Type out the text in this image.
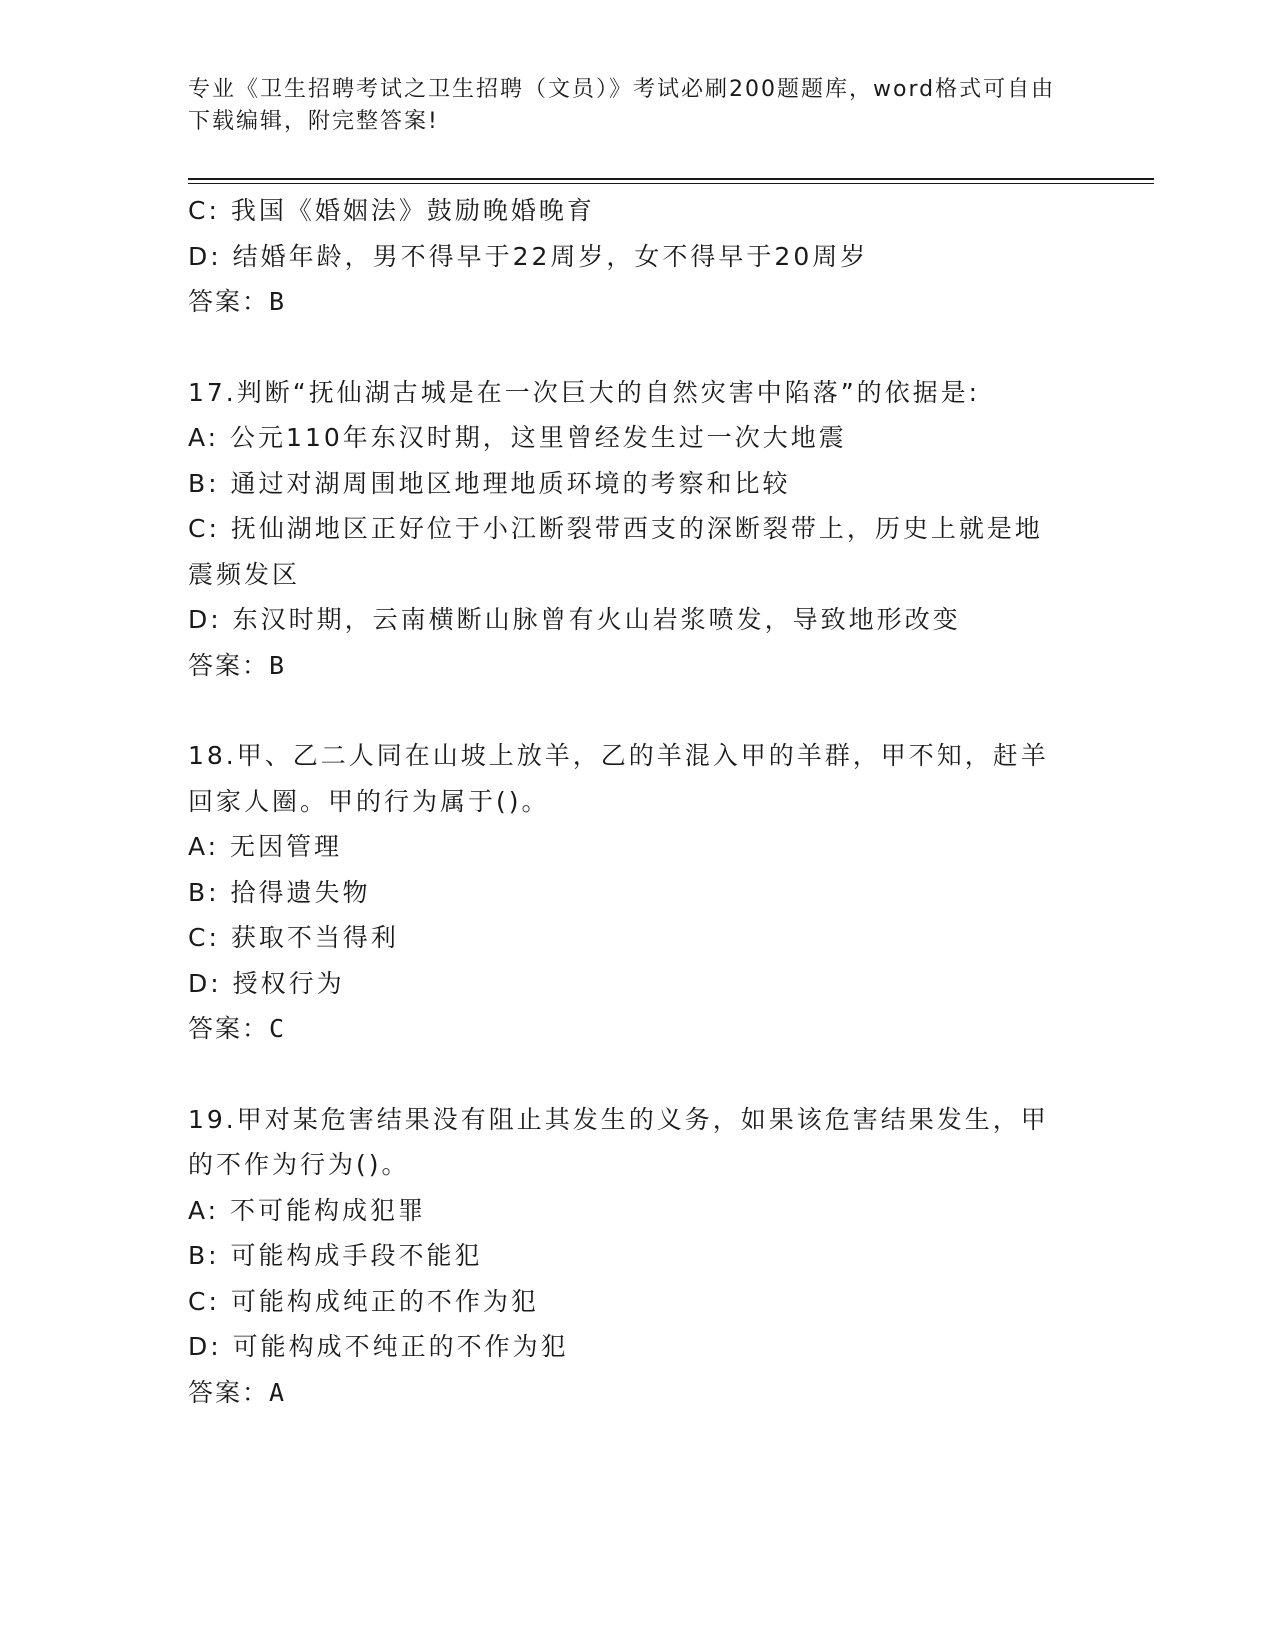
专业《卫生招聘考试之卫生招聘（文员）》考试必刷200题题库，word格式可自由下载编辑，附完整答案!

C: 我国《婚姻法》鼓励晚婚晚育

D: 结婚年龄，男不得早于22周岁，女不得早于20周岁

答案：B

17.判断“抚仙湖古城是在一次巨大的自然灾害中陷落”的依据是:

A: 公元110年东汉时期，这里曾经发生过一次大地震

B: 通过对湖周围地区地理地质环境的考察和比较

C: 抚仙湖地区正好位于小江断裂带西支的深断裂带上，历史上就是地震频发区

D: 东汉时期，云南横断山脉曾有火山岩浆喷发，导致地形改变

答案：B

18.甲、乙二人同在山坡上放羊，乙的羊混入甲的羊群，甲不知，赶羊回家人圈。甲的行为属于()。

A: 无因管理

B: 拾得遗失物

C: 获取不当得利

D: 授权行为

答案：C

19.甲对某危害结果没有阻止其发生的义务，如果该危害结果发生，甲的不作为行为()。

A: 不可能构成犯罪

B: 可能构成手段不能犯

C: 可能构成纯正的不作为犯

D: 可能构成不纯正的不作为犯

答案：A
